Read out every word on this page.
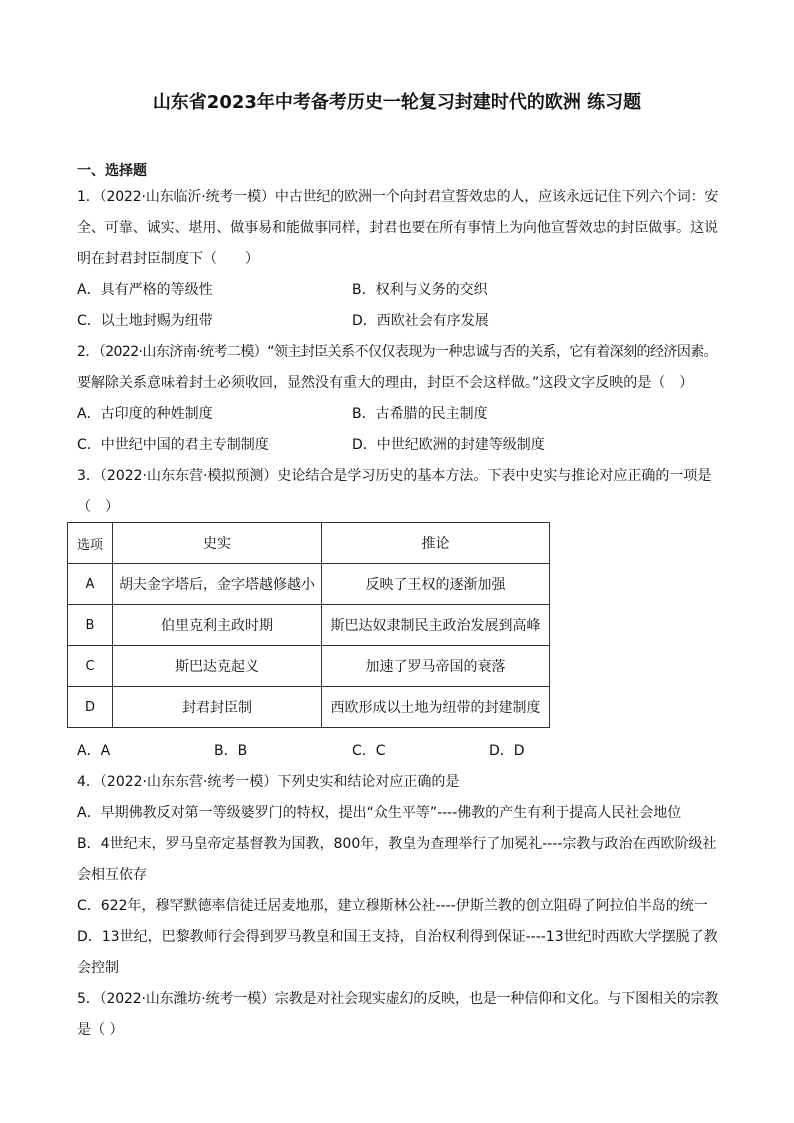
山东省2023年中考备考历史一轮复习封建时代的欧洲 练习题
一、选择题
1．（2022·山东临沂·统考一模）中古世纪的欧洲一个向封君宣誓效忠的人，应该永远记住下列六个词：安
全、可靠、诚实、堪用、做事易和能做事同样，封君也要在所有事情上为向他宣誓效忠的封臣做事。这说
明在封君封臣制度下（　　）
A．具有严格的等级性	B．权利与义务的交织
C．以土地封赐为纽带	D．西欧社会有序发展
2．（2022·山东济南·统考二模）“领主封臣关系不仅仅表现为一种忠诚与否的关系，它有着深刻的经济因素。
要解除关系意味着封土必须收回，显然没有重大的理由，封臣不会这样做。”这段文字反映的是（　）
A．古印度的种姓制度	B．古希腊的民主制度
C．中世纪中国的君主专制制度	D．中世纪欧洲的封建等级制度
3．（2022·山东东营·模拟预测）史论结合是学习历史的基本方法。下表中史实与推论对应正确的一项是
（　）
选项	史实	推论
A	胡夫金字塔后，金字塔越修越小	反映了王权的逐渐加强
B	伯里克利主政时期	斯巴达奴隶制民主政治发展到高峰
C	斯巴达克起义	加速了罗马帝国的衰落
D	封君封臣制	西欧形成以土地为纽带的封建制度
A．A	B．B	C．C	D．D
4．（2022·山东东营·统考一模）下列史实和结论对应正确的是
A．早期佛教反对第一等级婆罗门的特权，提出“众生平等”----佛教的产生有利于提高人民社会地位
B．4世纪末，罗马皇帝定基督教为国教，800年，教皇为查理举行了加冕礼----宗教与政治在西欧阶级社
会相互依存
C．622年，穆罕默德率信徒迁居麦地那，建立穆斯林公社----伊斯兰教的创立阻碍了阿拉伯半岛的统一
D．13世纪，巴黎教师行会得到罗马教皇和国王支持，自治权利得到保证----13世纪时西欧大学摆脱了教
会控制
5．（2022·山东潍坊·统考一模）宗教是对社会现实虚幻的反映，也是一种信仰和文化。与下图相关的宗教
是（ ）
